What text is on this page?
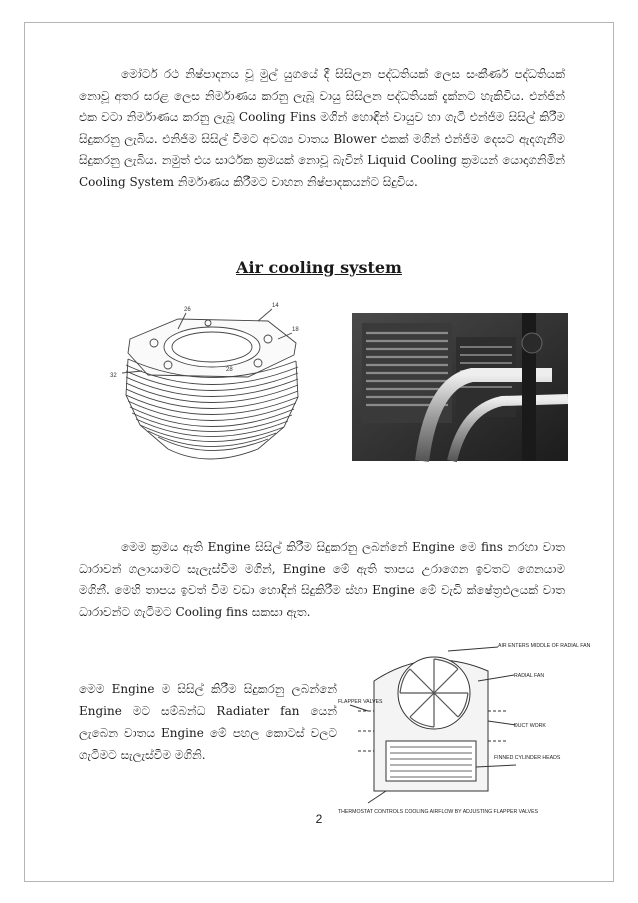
මෝටර් රථ නිෂ්පාදනය වූ මුල් යුගයේ දී සිසිලන පද්ධතියක් ලෙස සංකීර්ණ පද්ධතියක් නොවූ අතර සරළ ලෙස නිර්මාණය කරනු ලැබූ වායු සිසිලන පද්ධතියක් දැක්නට හැකිවිය. එන්ජින් එක වටා නිර්මාණය කරනු ලැබූ Cooling Fins මගින් හොඳින් වායුව හා ගැටී එන්ජිම සිසිල් කිරීම සිදුකරනු ලැබිය. එනිජිම සිසිල් වීමට අවශ්‍ය වාතය Blower එකක් මගින් එන්ජිම දෙසට ඇදගැනීම සිදුකරනු ලැබිය. නමුත් එය සාර්ථක ක්‍රමයක් නොවූ බැවින් Liquid Cooling ක්‍රමයන් යොදාගනිමින් Cooling System නිර්මාණය කිරීමට වාහන නිෂ්පාදකයන්ට සිදුවිය.

Air cooling system
26
14
18
28
32

මෙම ක්‍රමය ඇති Engine සිසිල් කිරීම සිදුකරනු ලබන්නේ Engine මෙ fins නරහා වාත ධාරාවන් ගලායාමට සැලැස්වීම මගින්, Engine මේ ඇති තාපය උරාගෙන ඉවතට ගෙනයාම මගිනී. මෙහි තාපය ඉවත් වීම වඩා හොඳින් සිදුකිරීම ස්හා Engine මේ වැඩි ක්ෂේත්‍රඵලයක් වාත ධාරාවන්ට ගැටීමට Cooling fins සකසා ඇත.

මෙම Engine ම සිසිල් කිරීම සිදුකරනු ලබන්නේ Engine මට සම්බන්ධ Radiater fan යෙන් ලැබෙන වාතය Engine මේ පහල කොටස් වලට ගැටීමට සැලැස්වීම මගිනි.

AIR ENTERS MIDDLE OF RADIAL FAN
RADIAL FAN
FLAPPER VALVES
DUCT WORK
FINNED CYLINDER HEADS
THERMOSTAT CONTROLS COOLING AIRFLOW BY ADJUSTING FLAPPER VALVES
2
